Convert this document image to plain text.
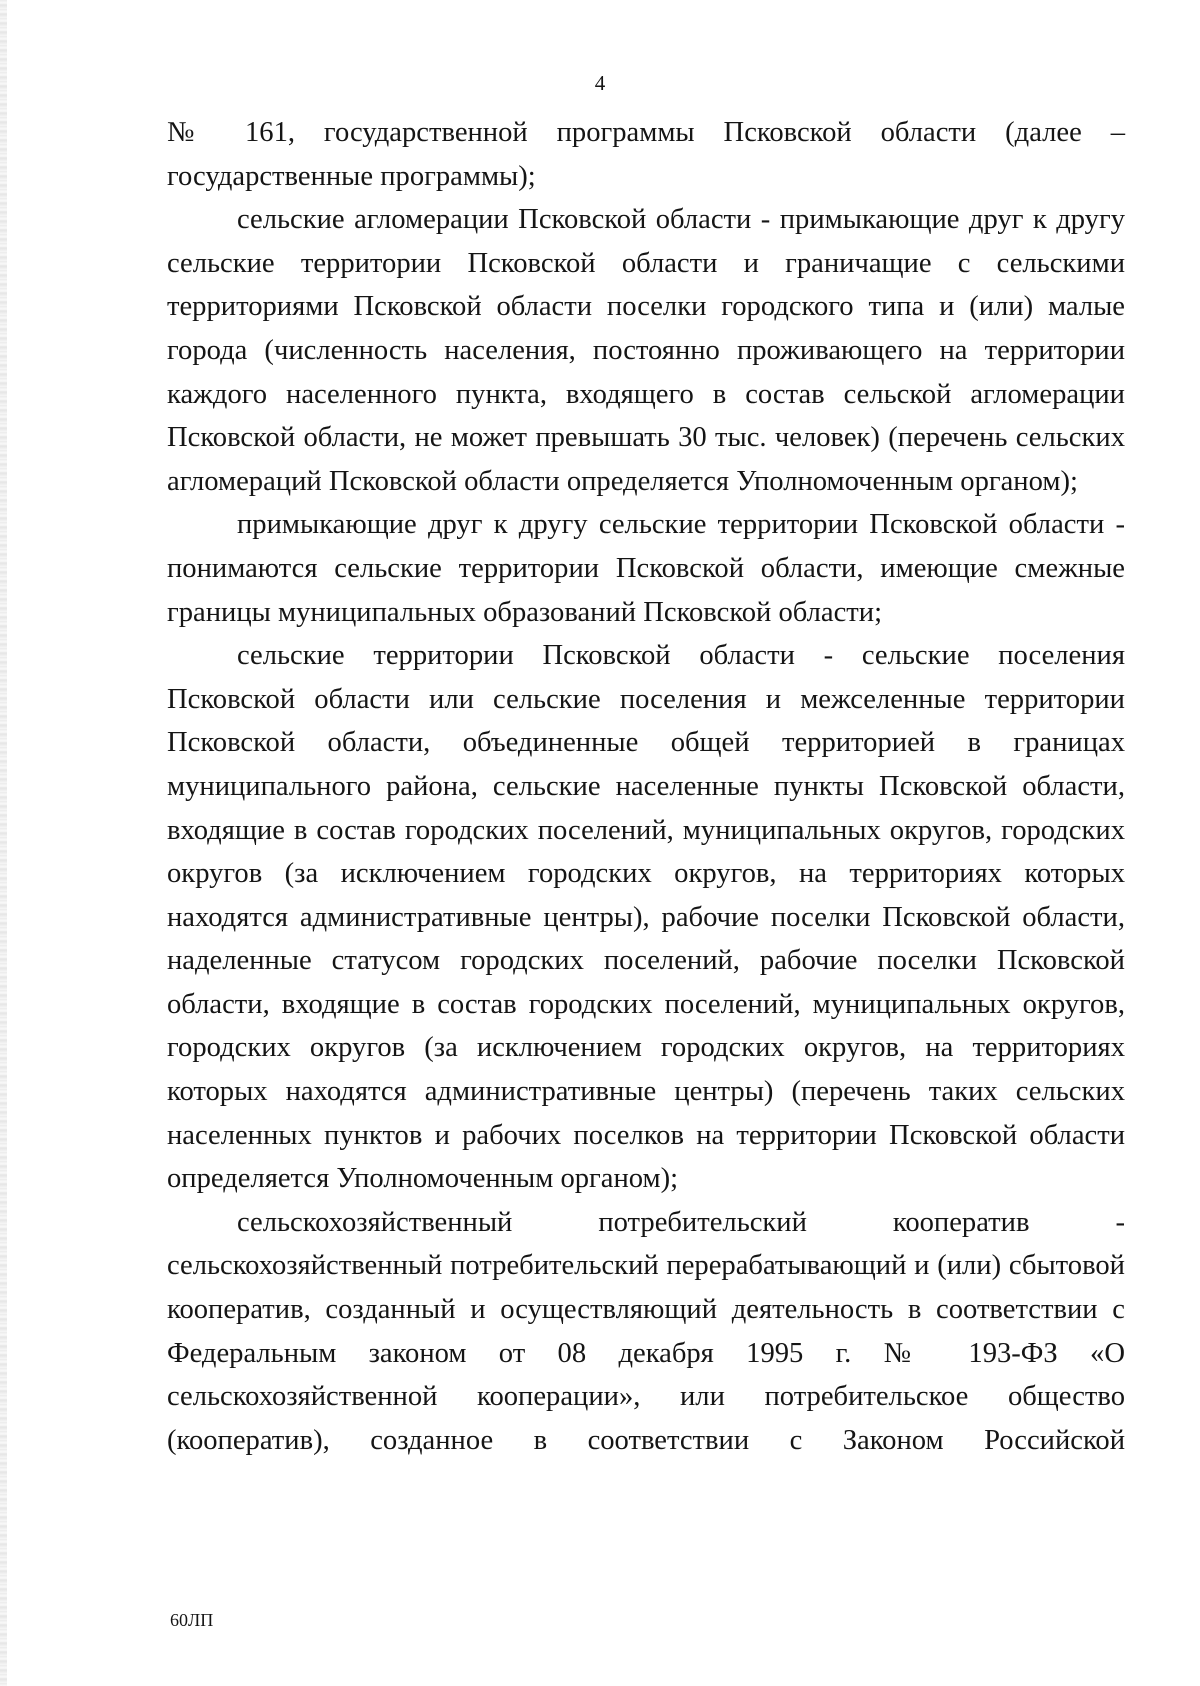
4

№ 161, государственной программы Псковской области (далее – государственные программы);

сельские агломерации Псковской области - примыкающие друг к другу сельские территории Псковской области и граничащие с сельскими территориями Псковской области поселки городского типа и (или) малые города (численность населения, постоянно проживающего на территории каждого населенного пункта, входящего в состав сельской агломерации Псковской области, не может превышать 30 тыс. человек) (перечень сельских агломераций Псковской области определяется Уполномоченным органом);

примыкающие друг к другу сельские территории Псковской области - понимаются сельские территории Псковской области, имеющие смежные границы муниципальных образований Псковской области;

сельские территории Псковской области - сельские поселения Псковской области или сельские поселения и межселенные территории Псковской области, объединенные общей территорией в границах муниципального района, сельские населенные пункты Псковской области, входящие в состав городских поселений, муниципальных округов, городских округов (за исключением городских округов, на территориях которых находятся административные центры), рабочие поселки Псковской области, наделенные статусом городских поселений, рабочие поселки Псковской области, входящие в состав городских поселений, муниципальных округов, городских округов (за исключением городских округов, на территориях которых находятся административные центры) (перечень таких сельских населенных пунктов и рабочих поселков на территории Псковской области определяется Уполномоченным органом);

сельскохозяйственный потребительский кооператив - сельскохозяйственный потребительский перерабатывающий и (или) сбытовой кооператив, созданный и осуществляющий деятельность в соответствии с Федеральным законом от 08 декабря 1995 г. № 193-ФЗ «О сельскохозяйственной кооперации», или потребительское общество (кооператив), созданное в соответствии с Законом Российской

60ЛП
